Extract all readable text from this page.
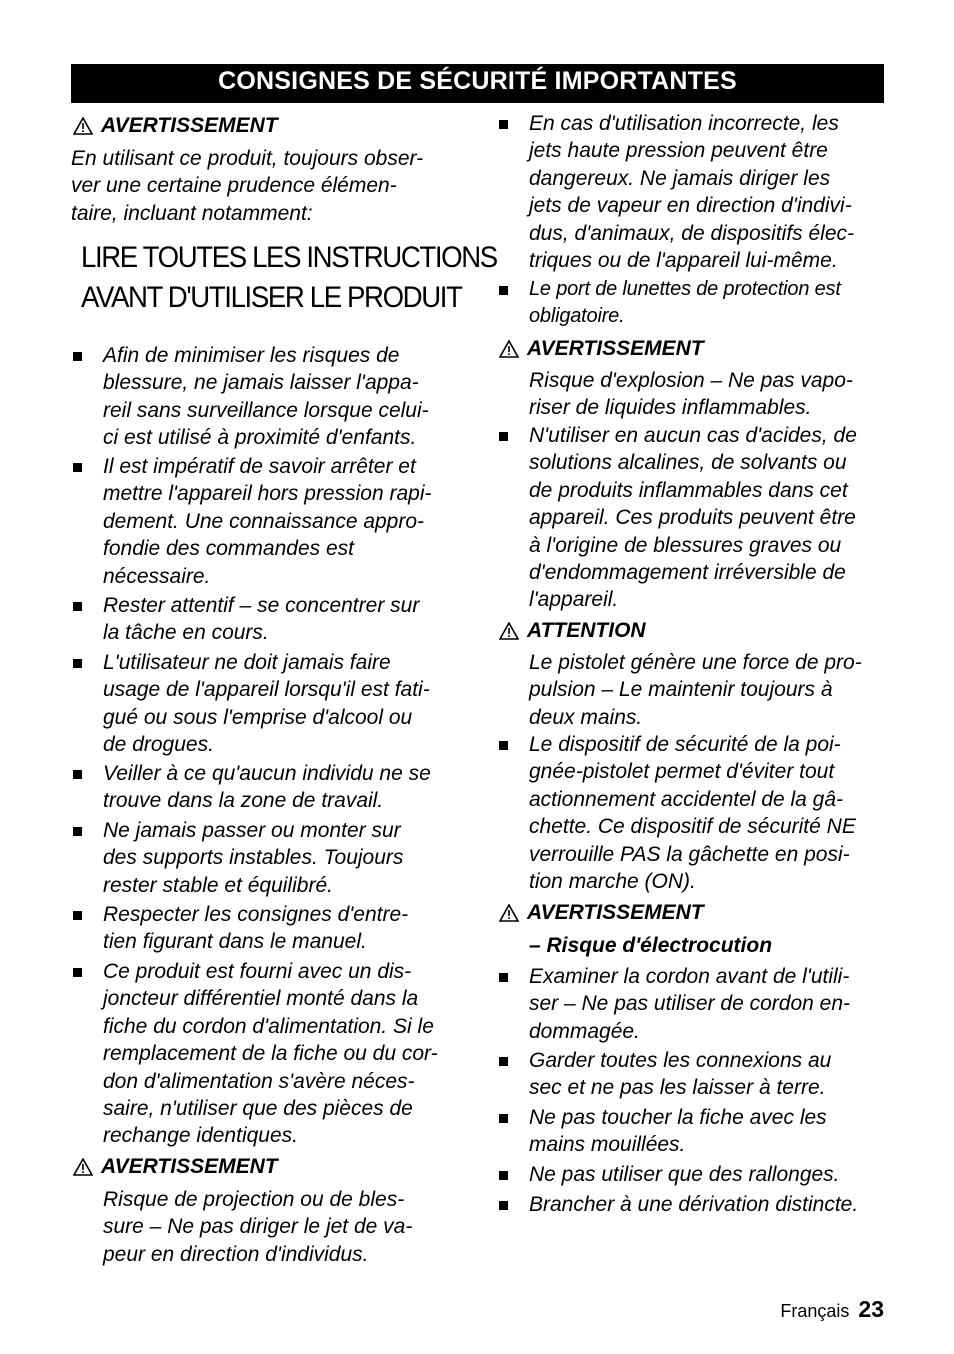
CONSIGNES DE SÉCURITÉ IMPORTANTES
AVERTISSEMENT
En utilisant ce produit, toujours obser-
ver une certaine prudence élémen-
taire, incluant notamment:
LIRE TOUTES LES INSTRUCTIONS
AVANT D'UTILISER LE PRODUIT
Afin de minimiser les risques de
blessure, ne jamais laisser l'appa-
reil sans surveillance lorsque celui-
ci est utilisé à proximité d'enfants.
Il est impératif de savoir arrêter et
mettre l'appareil hors pression rapi-
dement. Une connaissance appro-
fondie des commandes est
nécessaire.
Rester attentif – se concentrer sur
la tâche en cours.
L'utilisateur ne doit jamais faire
usage de l'appareil lorsqu'il est fati-
gué ou sous l'emprise d'alcool ou
de drogues.
Veiller à ce qu'aucun individu ne se
trouve dans la zone de travail.
Ne jamais passer ou monter sur
des supports instables. Toujours
rester stable et équilibré.
Respecter les consignes d'entre-
tien figurant dans le manuel.
Ce produit est fourni avec un dis-
joncteur différentiel monté dans la
fiche du cordon d'alimentation. Si le
remplacement de la fiche ou du cor-
don d'alimentation s'avère néces-
saire, n'utiliser que des pièces de
rechange identiques.
AVERTISSEMENT
Risque de projection ou de bles-
sure – Ne pas diriger le jet de va-
peur en direction d'individus.
En cas d'utilisation incorrecte, les
jets haute pression peuvent être
dangereux. Ne jamais diriger les
jets de vapeur en direction d'indivi-
dus, d'animaux, de dispositifs élec-
triques ou de l'appareil lui-même.
Le port de lunettes de protection est
obligatoire.
AVERTISSEMENT
Risque d'explosion – Ne pas vapo-
riser de liquides inflammables.
N'utiliser en aucun cas d'acides, de
solutions alcalines, de solvants ou
de produits inflammables dans cet
appareil. Ces produits peuvent être
à l'origine de blessures graves ou
d'endommagement irréversible de
l'appareil.
ATTENTION
Le pistolet génère une force de pro-
pulsion – Le maintenir toujours à
deux mains.
Le dispositif de sécurité de la poi-
gnée-pistolet permet d'éviter tout
actionnement accidentel de la gâ-
chette. Ce dispositif de sécurité NE
verrouille PAS la gâchette en posi-
tion marche (ON).
AVERTISSEMENT
– Risque d'électrocution
Examiner la cordon avant de l'utili-
ser – Ne pas utiliser de cordon en-
dommagée.
Garder toutes les connexions au
sec et ne pas les laisser à terre.
Ne pas toucher la fiche avec les
mains mouillées.
Ne pas utiliser que des rallonges.
Brancher à une dérivation distincte.
Français 23
